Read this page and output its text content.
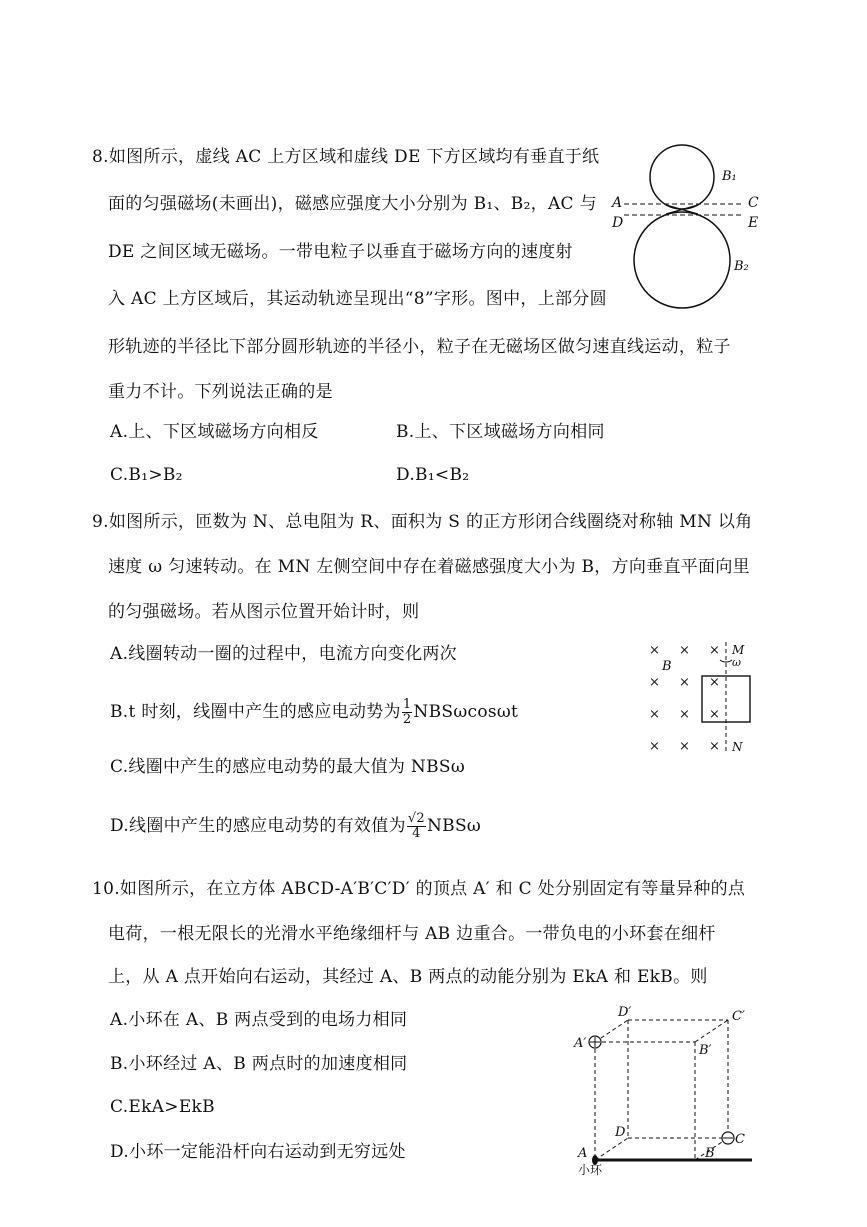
8.如图所示，虚线 AC 上方区域和虚线 DE 下方区域均有垂直于纸
面的匀强磁场(未画出)，磁感应强度大小分别为 B₁、B₂，AC 与
DE 之间区域无磁场。一带电粒子以垂直于磁场方向的速度射
入 AC 上方区域后，其运动轨迹呈现出“8”字形。图中，上部分圆
形轨迹的半径比下部分圆形轨迹的半径小，粒子在无磁场区做匀速直线运动，粒子
重力不计。下列说法正确的是
A.上、下区域磁场方向相反	B.上、下区域磁场方向相同
C.B₁>B₂	D.B₁<B₂
A	C
D	E
B₁
B₂
9.如图所示，匝数为 N、总电阻为 R、面积为 S 的正方形闭合线圈绕对称轴 MN 以角
速度 ω 匀速转动。在 MN 左侧空间中存在着磁感强度大小为 B，方向垂直平面向里
的匀强磁场。若从图示位置开始计时，则
A.线圈转动一圈的过程中，电流方向变化两次
B.t 时刻，线圈中产生的感应电动势为 $\frac{1}{2}$ NBSωcosωt
C.线圈中产生的感应电动势的最大值为 NBSω
D.线圈中产生的感应电动势的有效值为 $\frac{√2}{4}$ NBSω
× × ×
× × ×
× × ×
× × ×
B
M
ω
N
10.如图所示，在立方体 ABCD-A′B′C′D′ 的顶点 A′ 和 C 处分别固定有等量异种的点
电荷，一根无限长的光滑水平绝缘细杆与 AB 边重合。一带负电的小环套在细杆
上，从 A 点开始向右运动，其经过 A、B 两点的动能分别为 EkA 和 EkB。则
A.小环在 A、B 两点受到的电场力相同
B.小环经过 A、B 两点时的加速度相同
C.EkA>EkB
D.小环一定能沿杆向右运动到无穷远处
D′	C′
A′	B′
D	C
A	B
小环
